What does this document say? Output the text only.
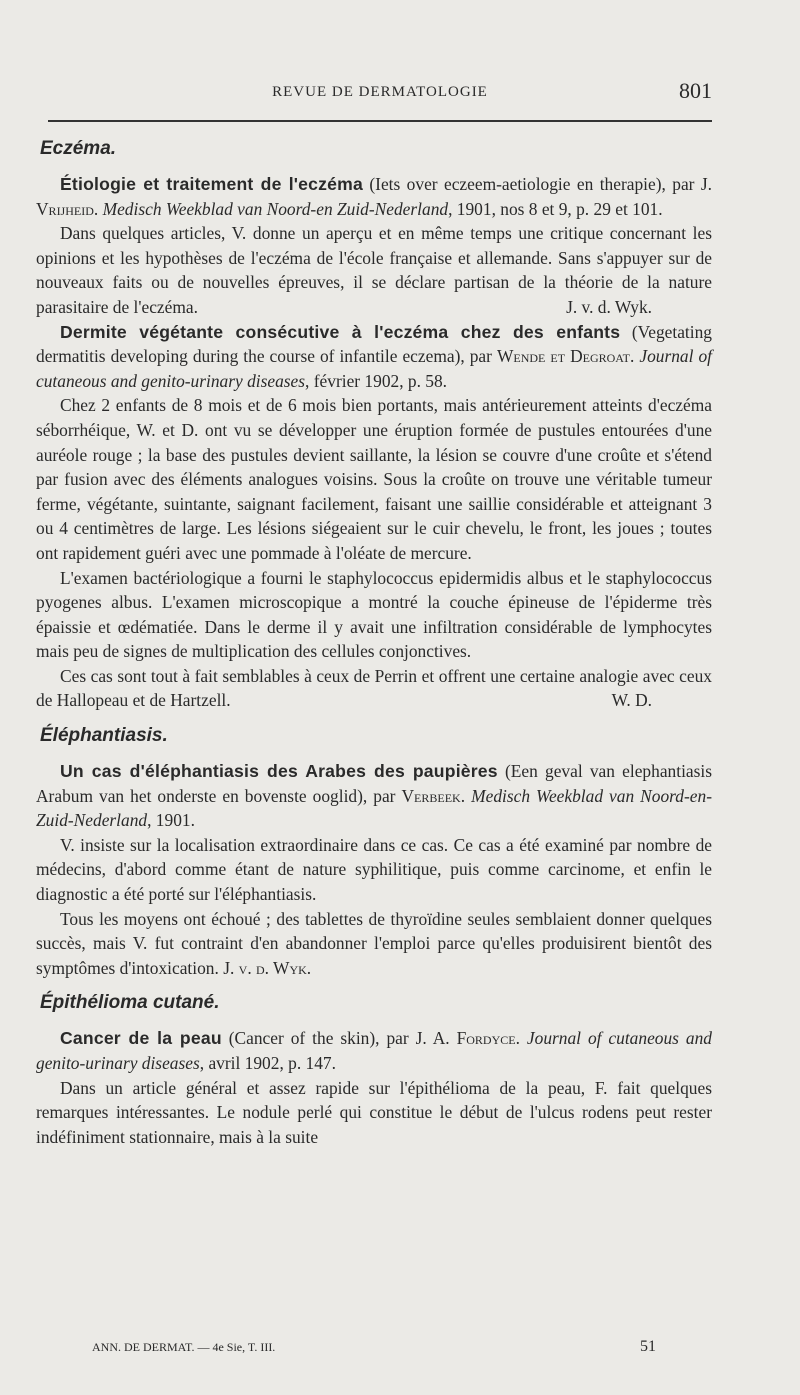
REVUE DE DERMATOLOGIE	801
Eczéma.

Étiologie et traitement de l'eczéma (Iets over eczeem-aetiologie en therapie), par J. Vrijheid. Medisch Weekblad van Noord-en Zuid-Nederland, 1901, nos 8 et 9, p. 29 et 101.

Dans quelques articles, V. donne un aperçu et en même temps une critique concernant les opinions et les hypothèses de l'eczéma de l'école française et allemande. Sans s'appuyer sur de nouveaux faits ou de nouvelles épreuves, il se déclare partisan de la théorie de la nature parasitaire de l'eczéma.	J. v. d. Wyk.

Dermite végétante consécutive à l'eczéma chez des enfants (Vegetating dermatitis developing during the course of infantile eczema), par Wende et Degroat. Journal of cutaneous and genito-urinary diseases, février 1902, p. 58.

Chez 2 enfants de 8 mois et de 6 mois bien portants, mais antérieurement atteints d'eczéma séborrhéique, W. et D. ont vu se développer une éruption formée de pustules entourées d'une auréole rouge ; la base des pustules devient saillante, la lésion se couvre d'une croûte et s'étend par fusion avec des éléments analogues voisins. Sous la croûte on trouve une véritable tumeur ferme, végétante, suintante, saignant facilement, faisant une saillie considérable et atteignant 3 ou 4 centimètres de large. Les lésions siégeaient sur le cuir chevelu, le front, les joues ; toutes ont rapidement guéri avec une pommade à l'oléate de mercure.

L'examen bactériologique a fourni le staphylococcus epidermidis albus et le staphylococcus pyogenes albus. L'examen microscopique a montré la couche épineuse de l'épiderme très épaissie et œdématiée. Dans le derme il y avait une infiltration considérable de lymphocytes mais peu de signes de multiplication des cellules conjonctives.

Ces cas sont tout à fait semblables à ceux de Perrin et offrent une certaine analogie avec ceux de Hallopeau et de Hartzell.	W. D.

Éléphantiasis.

Un cas d'éléphantiasis des Arabes des paupières (Een geval van elephantiasis Arabum van het onderste en bovenste ooglid), par Verbeek. Medisch Weekblad van Noord-en-Zuid-Nederland, 1901.

V. insiste sur la localisation extraordinaire dans ce cas. Ce cas a été examiné par nombre de médecins, d'abord comme étant de nature syphilitique, puis comme carcinome, et enfin le diagnostic a été porté sur l'éléphantiasis.

Tous les moyens ont échoué ; des tablettes de thyroïdine seules semblaient donner quelques succès, mais V. fut contraint d'en abandonner l'emploi parce qu'elles produisirent bientôt des symptômes d'intoxication. J. v. d. Wyk.

Épithélioma cutané.

Cancer de la peau (Cancer of the skin), par J. A. Fordyce. Journal of cutaneous and genito-urinary diseases, avril 1902, p. 147.

Dans un article général et assez rapide sur l'épithélioma de la peau, F. fait quelques remarques intéressantes. Le nodule perlé qui constitue le début de l'ulcus rodens peut rester indéfiniment stationnaire, mais à la suite

ANN. DE DERMAT. — 4e Sie, T. III.	51
